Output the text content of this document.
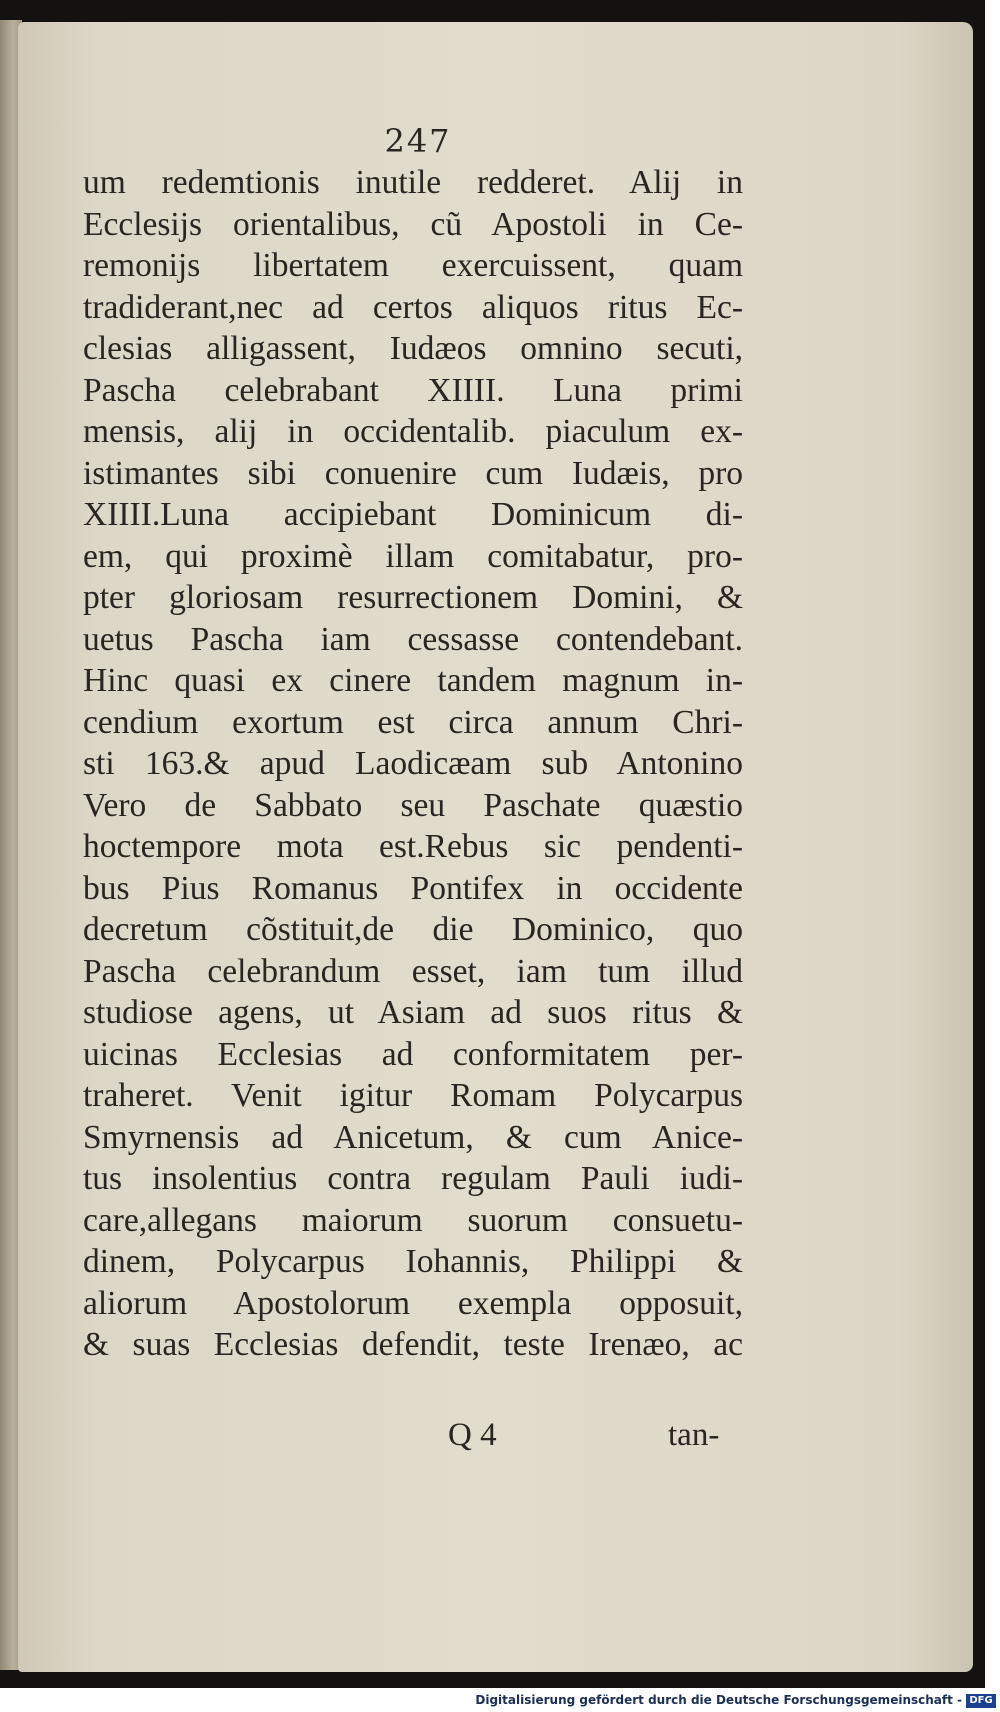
247
um redemtionis inutile redderet. Alij in
Ecclesijs orientalibus, cũ Apostoli in Ce-
remonijs libertatem exercuissent, quam
tradiderant,nec ad certos aliquos ritus Ec-
clesias alligassent, Iudæos omnino secuti,
Pascha celebrabant XIIII. Luna primi
mensis, alij in occidentalib. piaculum ex-
istimantes sibi conuenire cum Iudæis, pro
XIIII.Luna accipiebant Dominicum di-
em, qui proximè illam comitabatur, pro-
pter gloriosam resurrectionem Domini, &
uetus Pascha iam cessasse contendebant.
Hinc quasi ex cinere tandem magnum in-
cendium exortum est circa annum Chri-
sti 163.& apud Laodicæam sub Antonino
Vero de Sabbato seu Paschate quæstio
hoctempore mota est.Rebus sic pendenti-
bus Pius Romanus Pontifex in occidente
decretum cõstituit,de die Dominico, quo
Pascha celebrandum esset, iam tum illud
studiose agens, ut Asiam ad suos ritus &
uicinas Ecclesias ad conformitatem per-
traheret. Venit igitur Romam Polycarpus
Smyrnensis ad Anicetum, & cum Anice-
tus insolentius contra regulam Pauli iudi-
care,allegans maiorum suorum consuetu-
dinem, Polycarpus Iohannis, Philippi &
aliorum Apostolorum exempla opposuit,
& suas Ecclesias defendit, teste Irenæo, ac
Q 4	tan-
Digitalisierung gefördert durch die Deutsche Forschungsgemeinschaft - DFG
